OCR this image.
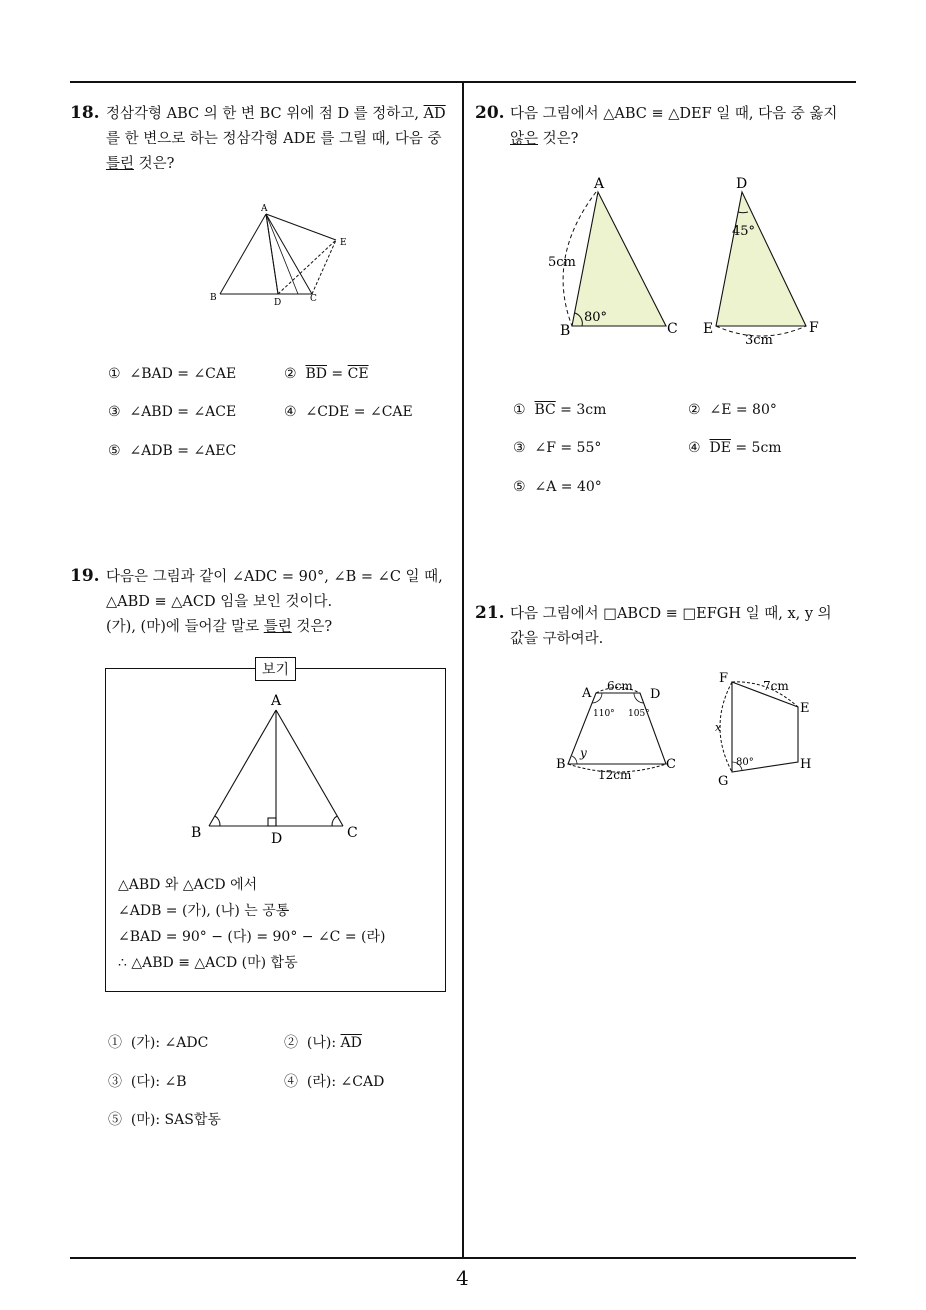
4
18. 정삼각형 ABC 의 한 변 BC 위에 점 D 를 정하고, $\overline{AD}$
를 한 변으로 하는 정삼각형 ADE 를 그릴 때, 다음 중
틀린 것은?
A
B	C
D
E
① ∠BAD = ∠CAE	② $\overline{BD} = \overline{CE}$
③ ∠ABD = ∠ACE	④ ∠CDE = ∠CAE
⑤ ∠ADB = ∠AEC
19. 다음은 그림과 같이 ∠ADC = 90°, ∠B = ∠C 일 때,
△ABD ≡ △ACD 임을 보인 것이다.
(가), (마)에 들어갈 말로 틀린 것은?
보기
A
B	C
D
△ABD 와 △ACD 에서
∠ADB = (가), (나) 는 공통
∠BAD = 90° − (다) = 90° − ∠C = (라)
∴ △ABD ≡ △ACD (마) 합동
① (가): ∠ADC	② (나): $\overline{AD}$
③ (다): ∠B	④ (라): ∠CAD
⑤ (마): SAS합동
20. 다음 그림에서 △ABC ≡ △DEF 일 때, 다음 중 옳지
않은 것은?
A
B	C
5cm
80°
D
E	F
45°
3cm
① $\overline{BC} = 3cm$	② ∠E = 80°
③ ∠F = 55°	④ $\overline{DE} = 5cm$
⑤ ∠A = 40°
21. 다음 그림에서 □ABCD ≡ □EFGH 일 때, x, y 의
값을 구하여라.
A	D
B	C
6cm
12cm
110° 105°
y
F
E
G
H
7cm
x
80°
